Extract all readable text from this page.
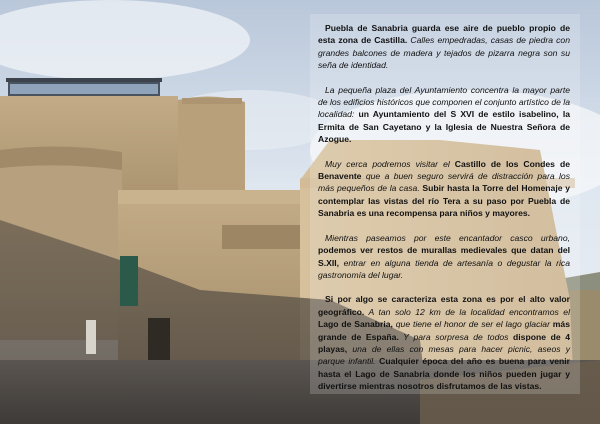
Puebla de Sanabria guarda ese aire de pueblo propio de esta zona de Castilla. Calles empedradas, casas de piedra con grandes balcones de madera y tejados de pizarra negra son su seña de identidad.

La pequeña plaza del Ayuntamiento concentra la mayor parte de los edificios históricos que componen el conjunto artístico de la localidad: un Ayuntamiento del S XVI de estilo isabelino, la Ermita de San Cayetano y la Iglesia de Nuestra Señora de Azogue.

Muy cerca podremos visitar el Castillo de los Condes de Benavente que a buen seguro servirá de distracción para los más pequeños de la casa. Subir hasta la Torre del Homenaje y contemplar las vistas del río Tera a su paso por Puebla de Sanabria es una recompensa para niños y mayores.

Mientras paseamos por este encantador casco urbano, podemos ver restos de murallas medievales que datan del S.XII, entrar en alguna tienda de artesanía o degustar la rica gastronomía del lugar.

Si por algo se caracteriza esta zona es por el alto valor geográfico. A tan solo 12 km de la localidad encontramos el Lago de Sanabria, que tiene el honor de ser el lago glaciar más grande de España. Y para sorpresa de todos dispone de 4 playas, una de ellas con mesas para hacer picnic, aseos y parque infantil. Cualquier época del año es buena para venir hasta el Lago de Sanabria donde los niños pueden jugar y divertirse mientras nosotros disfrutamos de las vistas.
